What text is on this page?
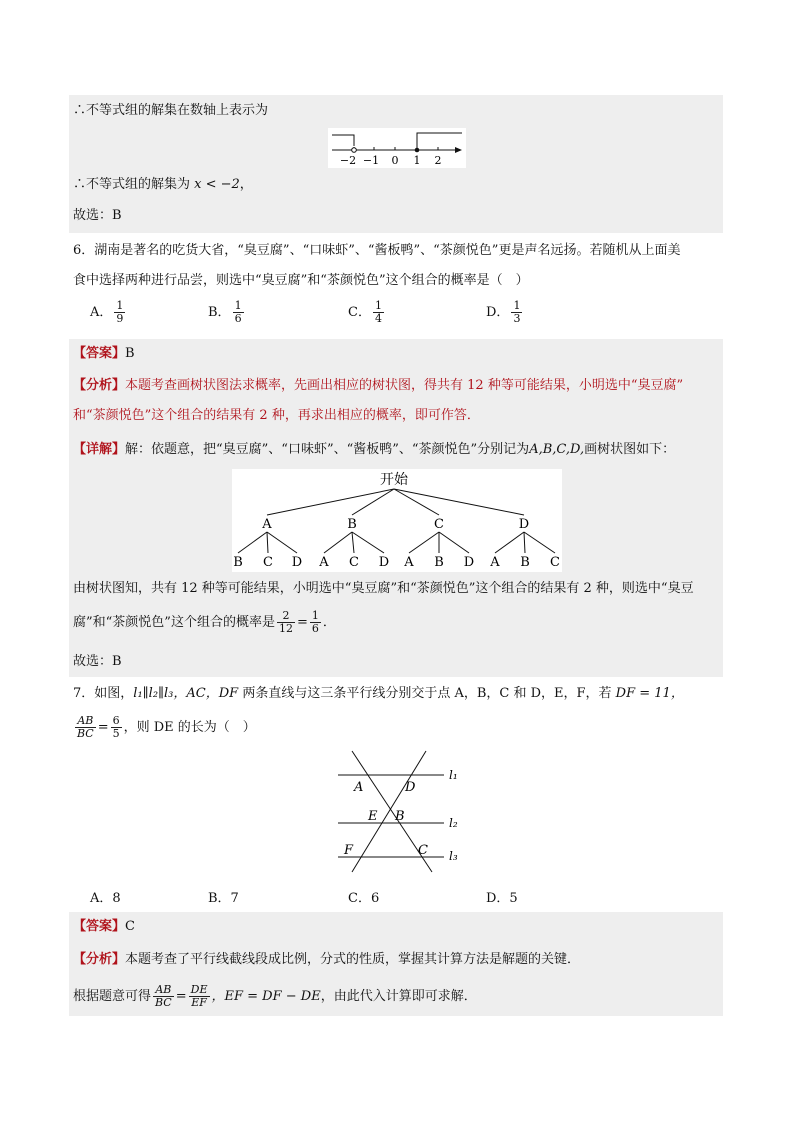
∴不等式组的解集在数轴上表示为
−2 −1 0 1 2
∴不等式组的解集为 x < −2，
故选：B
6．湖南是著名的吃货大省，“臭豆腐”、“口味虾”、“酱板鸭”、“茶颜悦色”更是声名远扬。若随机从上面美
食中选择两种进行品尝，则选中“臭豆腐”和“茶颜悦色”这个组合的概率是（　）
A． $\frac{1}{9}$	B． $\frac{1}{6}$	C． $\frac{1}{4}$	D． $\frac{1}{3}$
【答案】B
【分析】本题考查画树状图法求概率，先画出相应的树状图，得共有 12 种等可能结果，小明选中“臭豆腐”
和“茶颜悦色”这个组合的结果有 2 种，再求出相应的概率，即可作答．
【详解】解：依题意，把“臭豆腐”、“口味虾”、“酱板鸭”、“茶颜悦色”分别记为A,B,C,D,画树状图如下：
开始
A	B	C	D
B C D A C D A B D A B C
由树状图知，共有 12 种等可能结果，小明选中“臭豆腐”和“茶颜悦色”这个组合的结果有 2 种，则选中“臭豆
腐”和“茶颜悦色”这个组合的概率是 $\frac{2}{12} = \frac{1}{6}$ ．
故选：B
7．如图，l₁∥l₂∥l₃，AC，DF 两条直线与这三条平行线分别交于点 A，B，C 和 D，E，F，若 DF = 11，
$\frac{AB}{BC} = \frac{6}{5}$ ，则 DE 的长为（　）
l₁
l₂
l₃
A	D
E B
F	C
A．8	B．7	C．6	D．5
【答案】C
【分析】本题考查了平行线截线段成比例，分式的性质，掌握其计算方法是解题的关键．
根据题意可得 $\frac{AB}{BC} = \frac{DE}{EF}$ ，EF = DF − DE，由此代入计算即可求解．
